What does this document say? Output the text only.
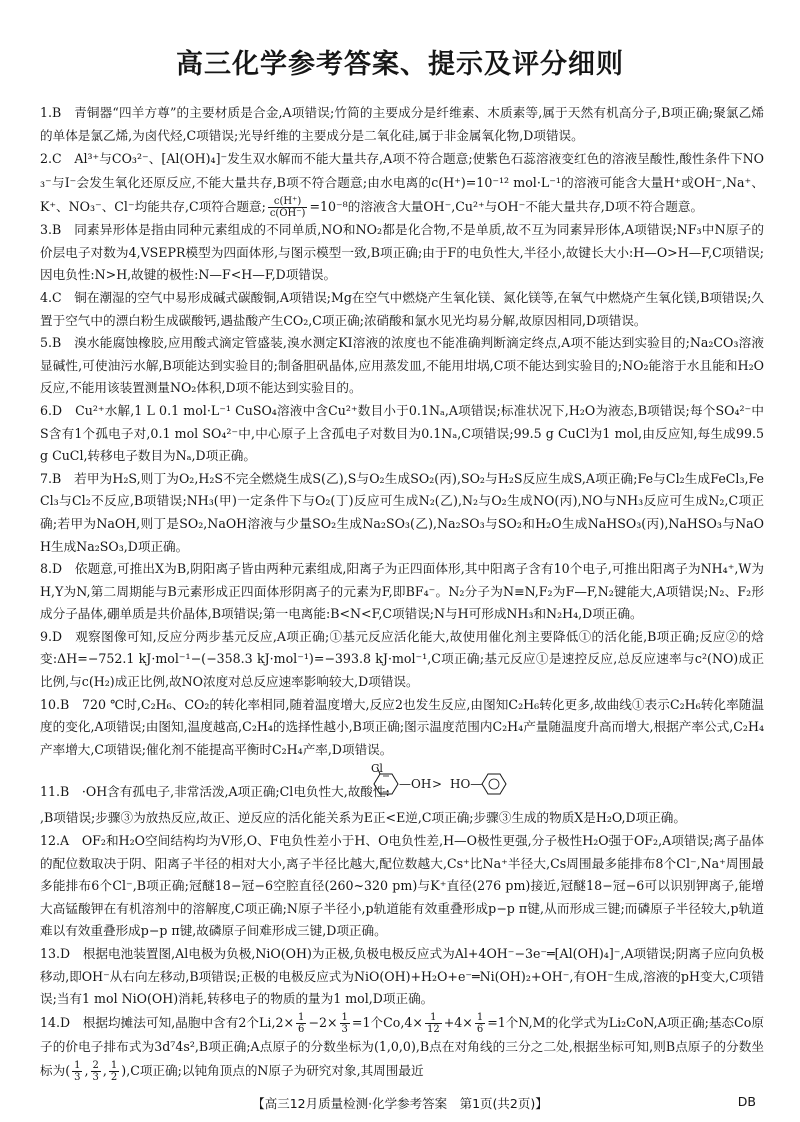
高三化学参考答案、提示及评分细则

1.B　青铜器“四羊方尊”的主要材质是合金,A项错误;竹简的主要成分是纤维素、木质素等,属于天然有机高分子,B项正确;聚氯乙烯的单体是氯乙烯,为卤代烃,C项错误;光导纤维的主要成分是二氧化硅,属于非金属氧化物,D项错误。

2.C　Al³⁺与CO₃²⁻、[Al(OH)₄]⁻发生双水解而不能大量共存,A项不符合题意;使紫色石蕊溶液变红色的溶液呈酸性,酸性条件下NO₃⁻与I⁻会发生氧化还原反应,不能大量共存,B项不符合题意;由水电离的c(H⁺)=10⁻¹² mol·L⁻¹的溶液可能含大量H⁺或OH⁻,Na⁺、K⁺、NO₃⁻、Cl⁻均能共存,C项符合题意; $\frac{c(H^+)}{c(OH^-)} =10^{-8}$的溶液含大量OH⁻,Cu²⁺与OH⁻不能大量共存,D项不符合题意。

3.B　同素异形体是指由同种元素组成的不同单质,NO和NO₂都是化合物,不是单质,故不互为同素异形体,A项错误;NF₃中N原子的价层电子对数为4,VSEPR模型为四面体形,与图示模型一致,B项正确;由于F的电负性大,半径小,故键长大小:H—O>H—F,C项错误;因电负性:N>H,故键的极性:N—F<H—F,D项错误。

4.C　铜在潮湿的空气中易形成碱式碳酸铜,A项错误;Mg在空气中燃烧产生氧化镁、氮化镁等,在氧气中燃烧产生氧化镁,B项错误;久置于空气中的漂白粉生成碳酸钙,遇盐酸产生CO₂,C项正确;浓硝酸和氯水见光均易分解,故原因相同,D项错误。

5.B　溴水能腐蚀橡胶,应用酸式滴定管盛装,溴水测定KI溶液的浓度也不能准确判断滴定终点,A项不能达到实验目的;Na₂CO₃溶液显碱性,可使油污水解,B项能达到实验目的;制备胆矾晶体,应用蒸发皿,不能用坩埚,C项不能达到实验目的;NO₂能溶于水且能和H₂O反应,不能用该装置测量NO₂体积,D项不能达到实验目的。

6.D　Cu²⁺水解,1 L 0.1 mol·L⁻¹ CuSO₄溶液中含Cu²⁺数目小于0.1Nₐ,A项错误;标准状况下,H₂O为液态,B项错误;每个SO₄²⁻中S含有1个孤电子对,0.1 mol SO₄²⁻中,中心原子上含孤电子对数目为0.1Nₐ,C项错误;99.5 g CuCl为1 mol,由反应知,每生成99.5 g CuCl,转移电子数目为Nₐ,D项正确。

7.B　若甲为H₂S,则丁为O₂,H₂S不完全燃烧生成S(乙),S与O₂生成SO₂(丙),SO₂与H₂S反应生成S,A项正确;Fe与Cl₂生成FeCl₃,FeCl₃与Cl₂不反应,B项错误;NH₃(甲)一定条件下与O₂(丁)反应可生成N₂(乙),N₂与O₂生成NO(丙),NO与NH₃反应可生成N₂,C项正确;若甲为NaOH,则丁是SO₂,NaOH溶液与少量SO₂生成Na₂SO₃(乙),Na₂SO₃与SO₂和H₂O生成NaHSO₃(丙),NaHSO₃与NaOH生成Na₂SO₃,D项正确。

8.D　依题意,可推出X为B,阴阳离子皆由两种元素组成,阳离子为正四面体形,其中阳离子含有10个电子,可推出阳离子为NH₄⁺,W为H,Y为N,第二周期能与B元素形成正四面体形阴离子的元素为F,即BF₄⁻。N₂分子为N≡N,F₂为F—F,N₂键能大,A项错误;N₂、F₂形成分子晶体,硼单质是共价晶体,B项错误;第一电离能:B<N<F,C项错误;N与H可形成NH₃和N₂H₄,D项正确。

9.D　观察图像可知,反应分两步基元反应,A项正确;①基元反应活化能大,故使用催化剂主要降低①的活化能,B项正确;反应②的焓变:ΔH=−752.1 kJ·mol⁻¹−(−358.3 kJ·mol⁻¹)=−393.8 kJ·mol⁻¹,C项正确;基元反应①是速控反应,总反应速率与c²(NO)成正比例,与c(H₂)成正比例,故NO浓度对总反应速率影响较大,D项错误。

10.B　720 ℃时,C₂H₆、CO₂的转化率相同,随着温度增大,反应2也发生反应,由图知C₂H₆转化更多,故曲线①表示C₂H₆转化率随温度的变化,A项错误;由图知,温度越高,C₂H₄的选择性越小,B项正确;图示温度范围内C₂H₄产量随温度升高而增大,根据产率公式,C₂H₄产率增大,C项错误;催化剂不能提高平衡时C₂H₄产率,D项错误。

11.B　·OH含有孤电子,非常活泼,A项正确;Cl电负性大,故酸性:
Cl
—OH > HO—
,B项错误;步骤③为放热反应,故正、逆反应的活化能关系为E正<E逆,C项正确;步骤③生成的物质X是H₂O,D项正确。

12.A　OF₂和H₂O空间结构均为V形,O、F电负性差小于H、O电负性差,H—O极性更强,分子极性H₂O强于OF₂,A项错误;离子晶体的配位数取决于阴、阳离子半径的相对大小,离子半径比越大,配位数越大,Cs⁺比Na⁺半径大,Cs周围最多能排布8个Cl⁻,Na⁺周围最多能排布6个Cl⁻,B项正确;冠醚18−冠−6空腔直径(260~320 pm)与K⁺直径(276 pm)接近,冠醚18−冠−6可以识别钾离子,能增大高锰酸钾在有机溶剂中的溶解度,C项正确;N原子半径小,p轨道能有效重叠形成p−p π键,从而形成三键;而磷原子半径较大,p轨道难以有效重叠形成p−p π键,故磷原子间难形成三键,D项正确。

13.D　根据电池装置图,Al电极为负极,NiO(OH)为正极,负极电极反应式为Al+4OH⁻−3e⁻═[Al(OH)₄]⁻,A项错误;阴离子应向负极移动,即OH⁻从右向左移动,B项错误;正极的电极反应式为NiO(OH)+H₂O+e⁻═Ni(OH)₂+OH⁻,有OH⁻生成,溶液的pH变大,C项错误;当有1 mol NiO(OH)消耗,转移电子的物质的量为1 mol,D项正确。

14.D　根据均摊法可知,晶胞中含有2个$Li,2\times \frac{1}{6} -2\times \frac{1}{3} =1$个$Co,4\times \frac{1}{12} +4\times \frac{1}{6} =1$个N,M的化学式为Li₂CoN,A项正确;基态Co原子的价电子排布式为3d⁷4s²,B项正确;A点原子的分数坐标为(1,0,0),B点在对角线的三分之二处,根据坐标可知,则B点原子的分数坐标为( $\frac{1}{3}$ , $\frac{2}{3}$ , $\frac{1}{2} ),C$项正确;以钝角顶点的N原子为研究对象,其周围最近

【高三12月质量检测·化学参考答案　第1页(共2页)】	DB
